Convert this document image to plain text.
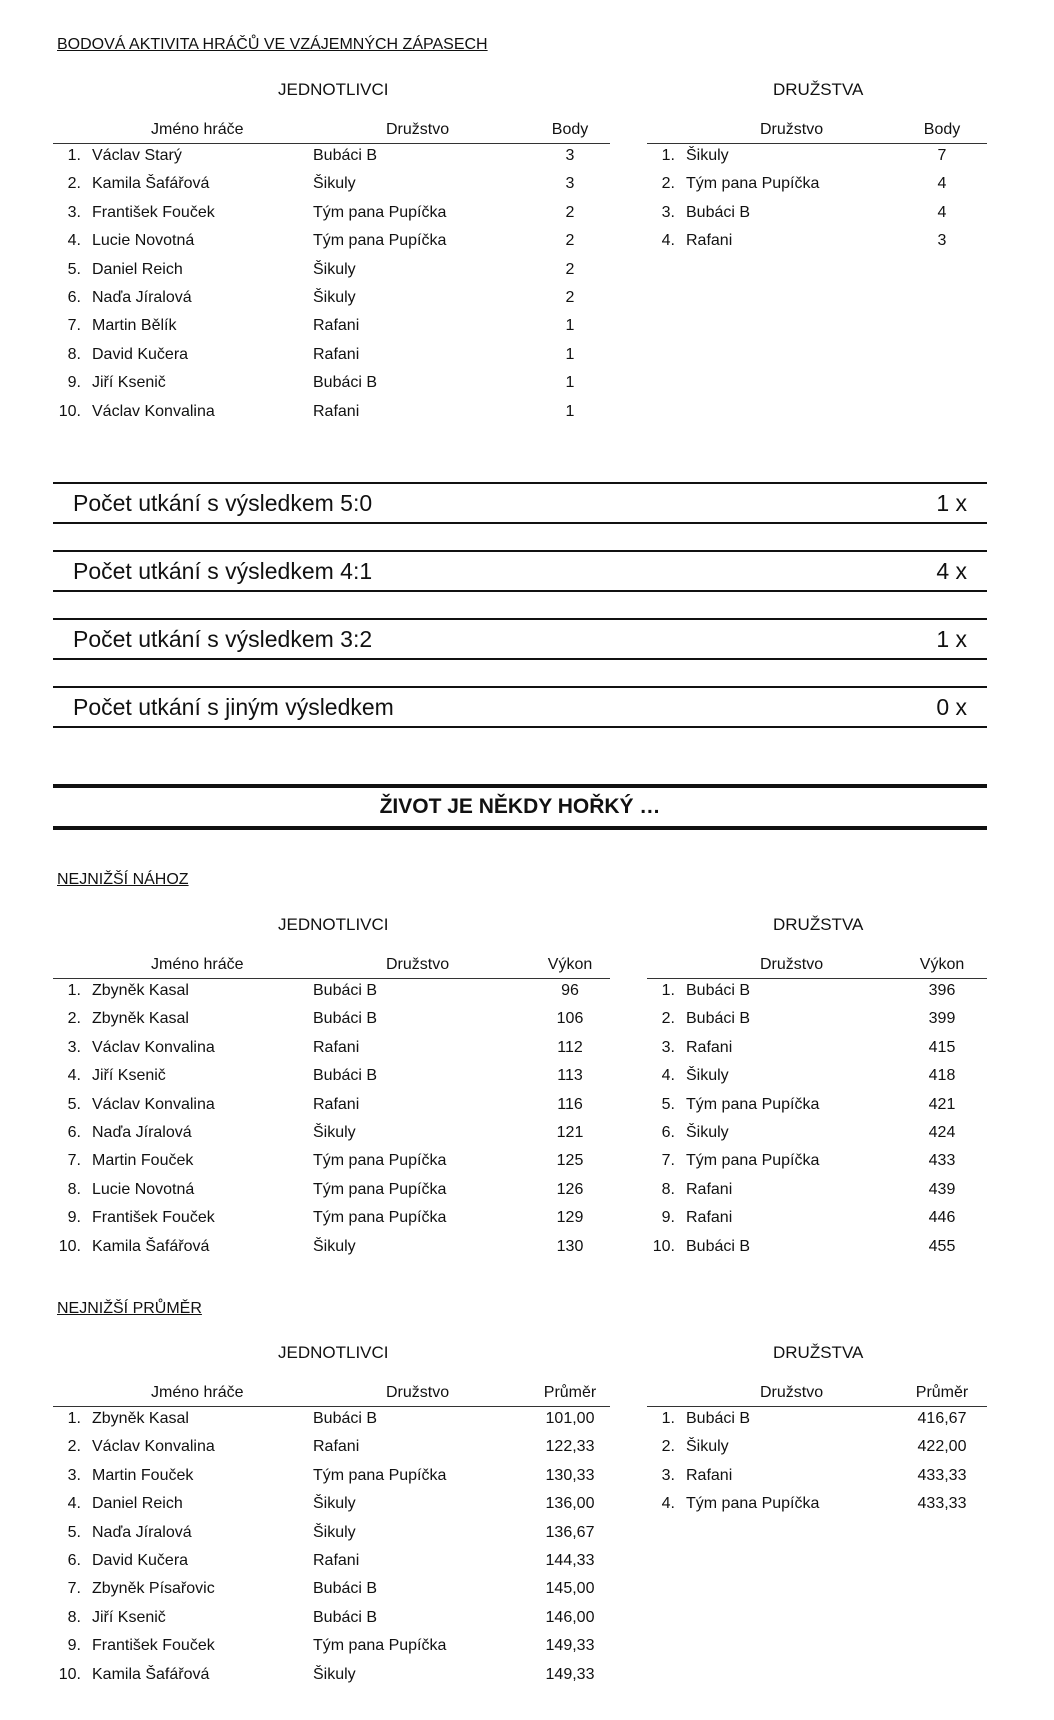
BODOVÁ AKTIVITA HRÁČŮ VE VZÁJEMNÝCH ZÁPASECH
JEDNOTLIVCI	DRUŽSTVA
Jméno hráče	Družstvo	Body
1. Václav Starý	Bubáci B	3
2. Kamila Šafářová	Šikuly	3
3. František Fouček	Tým pana Pupíčka	2
4. Lucie Novotná	Tým pana Pupíčka	2
5. Daniel Reich	Šikuly	2
6. Naďa Jíralová	Šikuly	2
7. Martin Bělík	Rafani	1
8. David Kučera	Rafani	1
9. Jiří Ksenič	Bubáci B	1
10. Václav Konvalina	Rafani	1
Družstvo	Body
1. Šikuly	7
2. Tým pana Pupíčka	4
3. Bubáci B	4
4. Rafani	3
Počet utkání s výsledkem 5:0	1 x
Počet utkání s výsledkem 4:1	4 x
Počet utkání s výsledkem 3:2	1 x
Počet utkání s jiným výsledkem	0 x
ŽIVOT JE NĚKDY HOŘKÝ …
NEJNIŽŠÍ NÁHOZ
JEDNOTLIVCI	DRUŽSTVA
Jméno hráče	Družstvo	Výkon
1. Zbyněk Kasal	Bubáci B	96
2. Zbyněk Kasal	Bubáci B	106
3. Václav Konvalina	Rafani	112
4. Jiří Ksenič	Bubáci B	113
5. Václav Konvalina	Rafani	116
6. Naďa Jíralová	Šikuly	121
7. Martin Fouček	Tým pana Pupíčka	125
8. Lucie Novotná	Tým pana Pupíčka	126
9. František Fouček	Tým pana Pupíčka	129
10. Kamila Šafářová	Šikuly	130
Družstvo	Výkon
1. Bubáci B	396
2. Bubáci B	399
3. Rafani	415
4. Šikuly	418
5. Tým pana Pupíčka	421
6. Šikuly	424
7. Tým pana Pupíčka	433
8. Rafani	439
9. Rafani	446
10. Bubáci B	455
NEJNIŽŠÍ PRŮMĚR
JEDNOTLIVCI	DRUŽSTVA
Jméno hráče	Družstvo	Průměr
1. Zbyněk Kasal	Bubáci B	101,00
2. Václav Konvalina	Rafani	122,33
3. Martin Fouček	Tým pana Pupíčka	130,33
4. Daniel Reich	Šikuly	136,00
5. Naďa Jíralová	Šikuly	136,67
6. David Kučera	Rafani	144,33
7. Zbyněk Písařovic	Bubáci B	145,00
8. Jiří Ksenič	Bubáci B	146,00
9. František Fouček	Tým pana Pupíčka	149,33
10. Kamila Šafářová	Šikuly	149,33
Družstvo	Průměr
1. Bubáci B	416,67
2. Šikuly	422,00
3. Rafani	433,33
4. Tým pana Pupíčka	433,33
